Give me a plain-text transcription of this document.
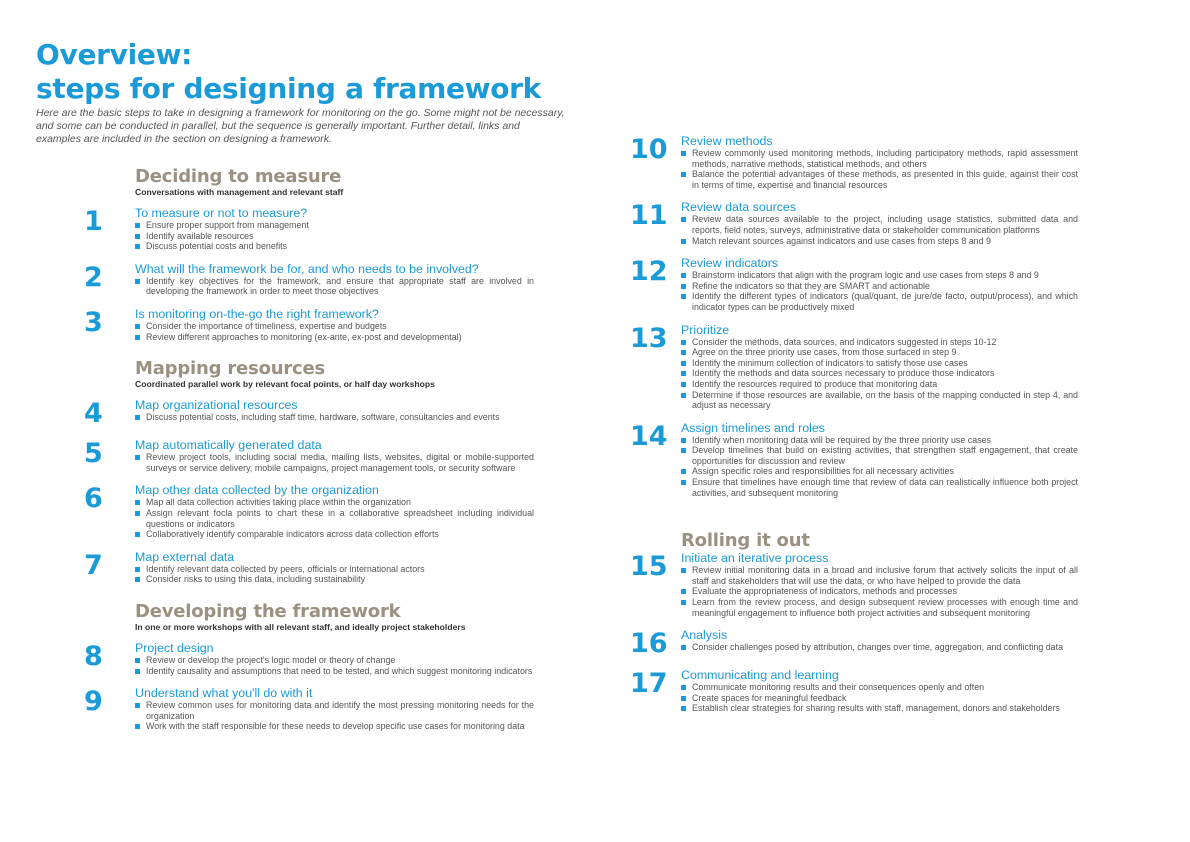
Overview:
steps for designing a framework

Here are the basic steps to take in designing a framework for monitoring on the go. Some might not be necessary, and some can be conducted in parallel, but the sequence is generally important. Further detail, links and examples are included in the section on designing a framework.

Deciding to measure
Conversations with management and relevant staff
1	To measure or not to measure?
Ensure proper support from management
Identify available resources
Discuss potential costs and benefits
2	What will the framework be for, and who needs to be involved?
Identify key objectives for the framework, and ensure that appropriate staff are involved in developing the framework in order to meet those objectives
3	Is monitoring on-the-go the right framework?
Consider the importance of timeliness, expertise and budgets
Review different approaches to monitoring (ex-ante, ex-post and developmental)
Mapping resources
Coordinated parallel work by relevant focal points, or half day workshops
4	Map organizational resources
Discuss potential costs, including staff time, hardware, software, consultancies and events
5	Map automatically generated data
Review project tools, including social media, mailing lists, websites, digital or mobile-supported surveys or service delivery, mobile campaigns, project management tools, or security software
6	Map other data collected by the organization
Map all data collection activities taking place within the organization
Assign relevant focla points to chart these in a collaborative spreadsheet including individual questions or indicators
Collaboratively identify comparable indicators across data collection efforts
7	Map external data
Identify relevant data collected by peers, officials or international actors
Consider risks to using this data, including sustainability
Developing the framework
In one or more workshops with all relevant staff, and ideally project stakeholders
8	Project design
Review or develop the project's logic model or theory of change
Identify causality and assumptions that need to be tested, and which suggest monitoring indicators
9	Understand what you'll do with it
Review common uses for monitoring data and identify the most pressing monitoring needs for the organization
Work with the staff responsible for these needs to develop specific use cases for monitoring data
10	Review methods
Review commonly used monitoring methods, including participatory methods, rapid assessment methods, narrative methods, statistical methods, and others
Balance the potential advantages of these methods, as presented in this guide, against their cost in terms of time, expertise and financial resources
11	Review data sources
Review data sources available to the project, including usage statistics, submitted data and reports, field notes, surveys, administrative data or stakeholder communication platforms
Match relevant sources against indicators and use cases from steps 8 and 9
12	Review indicators
Brainstorm indicators that align with the program logic and use cases from steps 8 and 9
Refine the indicators so that they are SMART and actionable
Identify the different types of indicators (qual/quant, de jure/de facto, output/process), and which indicator types can be productively mixed
13	Prioritize
Consider the methods, data sources, and indicators suggested in steps 10-12
Agree on the three priority use cases, from those surfaced in step 9
Identify the minimum collection of indicators to satisfy those use cases
Identify the methods and data sources necessary to produce those indicators
Identify the resources required to produce that monitoring data
Determine if those resources are available, on the basis of the mapping conducted in step 4, and adjust as necessary
14	Assign timelines and roles
Identify when monitoring data will be required by the three priority use cases
Develop timelines that build on existing activities, that strengthen staff engagement, that create opportunities for discussion and review
Assign specific roles and responsibilities for all necessary activities
Ensure that timelines have enough time that review of data can realistically influence both project activities, and subsequent monitoring
Rolling it out
15	Initiate an iterative process
Review initial monitoring data in a broad and inclusive forum that actively solicits the input of all staff and stakeholders that will use the data, or who have helped to provide the data
Evaluate the appropriateness of indicators, methods and processes
Learn from the review process, and design subsequent review processes with enough time and meaningful engagement to influence both project activities and subsequent monitoring
16	Analysis
Consider challenges posed by attribution, changes over time, aggregation, and conflicting data
17	Communicating and learning
Communicate monitoring results and their consequences openly and often
Create spaces for meaningful feedback
Establish clear strategies for sharing results with staff, management, donors and stakeholders
